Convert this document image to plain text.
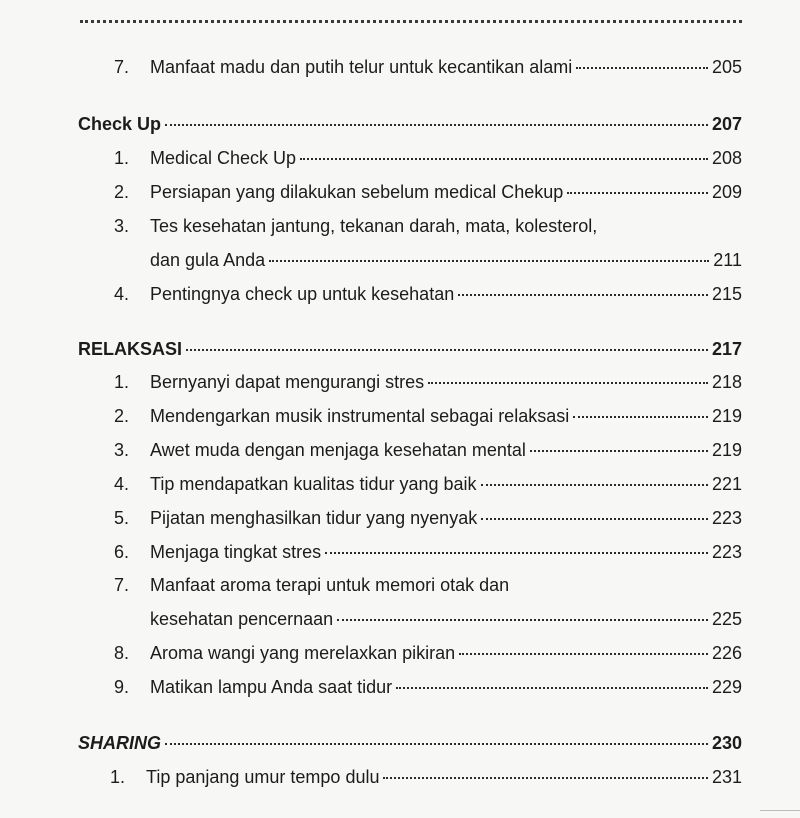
7.	Manfaat madu dan putih telur untuk kecantikan alami	205
Check Up	207
1.	Medical Check Up	208
2.	Persiapan yang dilakukan sebelum medical Chekup	209
3.	Tes kesehatan jantung, tekanan darah, mata, kolesterol,
dan gula Anda	211
4.	Pentingnya check up untuk kesehatan	215
RELAKSASI	217
1.	Bernyanyi dapat mengurangi stres	218
2.	Mendengarkan musik instrumental sebagai relaksasi	219
3.	Awet muda dengan menjaga kesehatan mental	219
4.	Tip mendapatkan kualitas tidur yang baik	221
5.	Pijatan menghasilkan tidur yang nyenyak	223
6.	Menjaga tingkat stres	223
7.	Manfaat aroma terapi untuk memori otak dan
kesehatan pencernaan	225
8.	Aroma wangi yang merelaxkan pikiran	226
9.	Matikan lampu Anda saat tidur	229
SHARING	230
1.	Tip panjang umur tempo dulu	231
